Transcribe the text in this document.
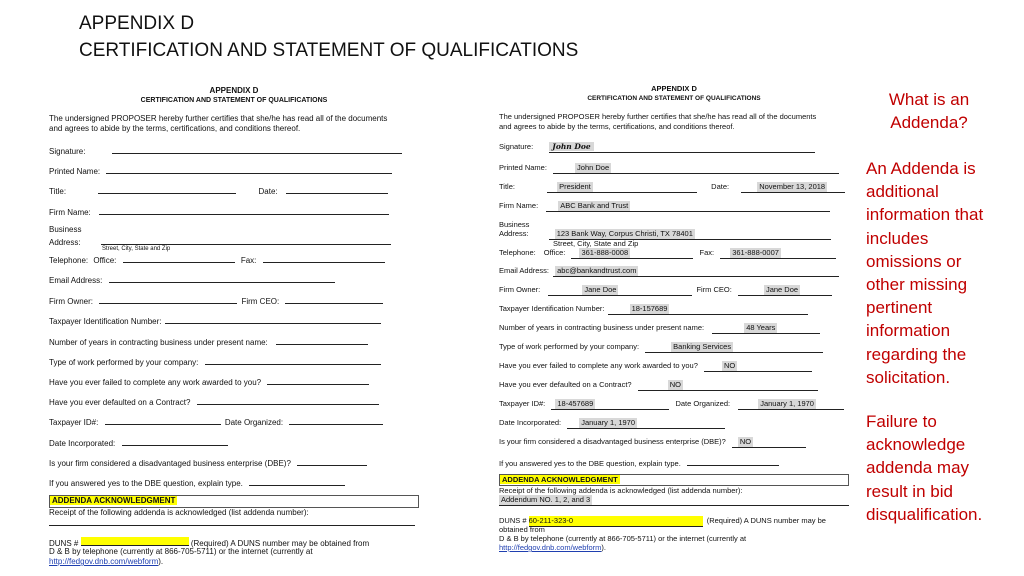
APPENDIX D
CERTIFICATION AND STATEMENT OF QUALIFICATIONS
APPENDIX D
CERTIFICATION AND STATEMENT OF QUALIFICATIONS
The undersigned PROPOSER hereby further certifies that she/he has read all of the documents
and agrees to abide by the terms, certifications, and conditions thereof.
Signature:
Printed Name:
Title:	Date:
Firm Name:
Business
Address:
Street, City, State and Zip
Telephone: Office:	Fax:
Email Address:
Firm Owner:	Firm CEO:
Taxpayer Identification Number:
Number of years in contracting business under present name:
Type of work performed by your company:
Have you ever failed to complete any work awarded to you?
Have you ever defaulted on a Contract?
Taxpayer ID#:	Date Organized:
Date Incorporated:
Is your firm considered a disadvantaged business enterprise (DBE)?
If you answered yes to the DBE question, explain type.
ADDENDA ACKNOWLEDGMENT
Receipt of the following addenda is acknowledged (list addenda number):
DUNS #	(Required) A DUNS number may be obtained from
D & B by telephone (currently at 866-705-5711) or the internet (currently at
http://fedgov.dnb.com/webform).
APPENDIX D
CERTIFICATION AND STATEMENT OF QUALIFICATIONS
The undersigned PROPOSER hereby further certifies that she/he has read all of the documents
and agrees to abide by the terms, certifications, and conditions thereof.
Signature:	John Doe
Printed Name:	John Doe
Title:	President	Date:	November 13, 2018
Firm Name:	ABC Bank and Trust
Business
Address:	123 Bank Way, Corpus Christi, TX 78401
Street, City, State and Zip
Telephone: Office: 361-888-0008	Fax: 361-888-0007
Email Address: abc@bankandtrust.com
Firm Owner:	Jane Doe	Firm CEO:	Jane Doe
Taxpayer Identification Number:	18-157689
Number of years in contracting business under present name:	48 Years
Type of work performed by your company:	Banking Services
Have you ever failed to complete any work awarded to you?	NO
Have you ever defaulted on a Contract?	NO
Taxpayer ID#: 18-457689	Date Organized:	January 1, 1970
Date Incorporated:	January 1, 1970
Is your firm considered a disadvantaged business enterprise (DBE)? NO
If you answered yes to the DBE question, explain type.
ADDENDA ACKNOWLEDGMENT
Receipt of the following addenda is acknowledged (list addenda number):
Addendum NO. 1, 2, and 3
DUNS # 60-211-323-0	(Required) A DUNS number may be
obtained from
D & B by telephone (currently at 866-705-5711) or the internet (currently at
http://fedgov.dnb.com/webform).
What is an
Addenda?
An Addenda is
additional
information that
includes
omissions or
other missing
pertinent
information
regarding the
solicitation.
Failure to
acknowledge
addenda may
result in bid
disqualification.
